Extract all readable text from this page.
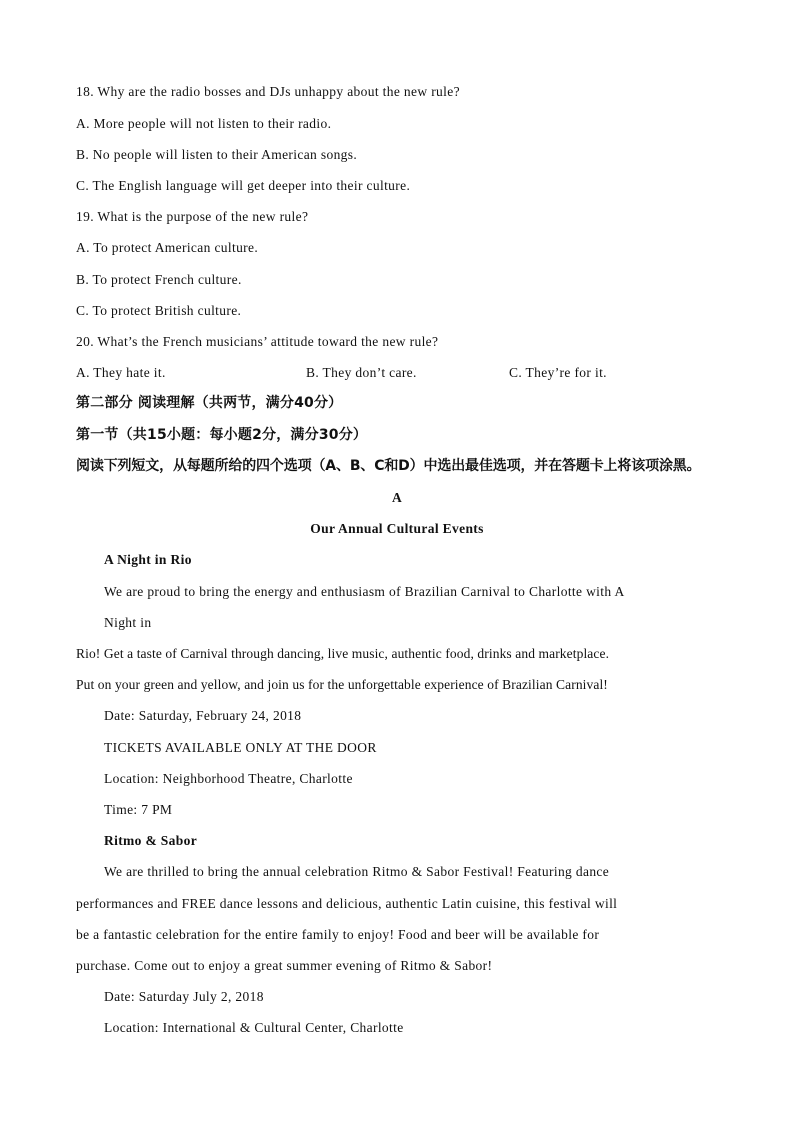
18. Why are the radio bosses and DJs unhappy about the new rule?
A. More people will not listen to their radio.
B. No people will listen to their American songs.
C. The English language will get deeper into their culture.
19. What is the purpose of the new rule?
A. To protect American culture.
B. To protect French culture.
C. To protect British culture.
20. What’s the French musicians’ attitude toward the new rule?
A. They hate it.	B. They don’t care.	C. They’re for it.
第二部分 阅读理解（共两节，满分40分）
第一节（共15小题：每小题2分，满分30分）
阅读下列短文，从每题所给的四个选项（A、B、C和D）中选出最佳选项，并在答题卡上将该项涂黑。
A
Our Annual Cultural Events
A Night in Rio
We are proud to bring the energy and enthusiasm of Brazilian Carnival to Charlotte with A
Night in
Rio! Get a taste of Carnival through dancing, live music, authentic food, drinks and marketplace.
Put on your green and yellow, and join us for the unforgettable experience of Brazilian Carnival!
Date: Saturday, February 24, 2018
TICKETS AVAILABLE ONLY AT THE DOOR
Location: Neighborhood Theatre, Charlotte
Time: 7 PM
Ritmo & Sabor
We are thrilled to bring the annual celebration Ritmo & Sabor Festival! Featuring dance
performances and FREE dance lessons and delicious, authentic Latin cuisine, this festival will
be a fantastic celebration for the entire family to enjoy! Food and beer will be available for
purchase. Come out to enjoy a great summer evening of Ritmo & Sabor!
Date: Saturday July 2, 2018
Location: International & Cultural Center, Charlotte
